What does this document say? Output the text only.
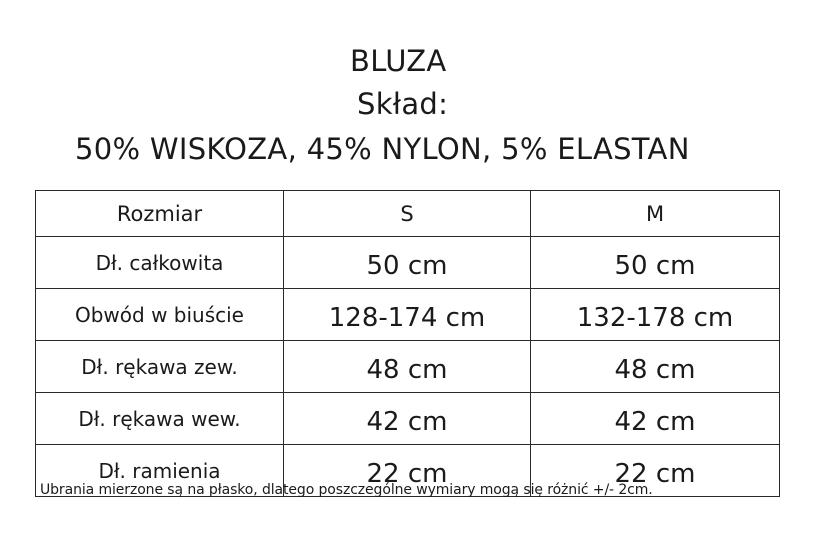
BLUZA
Skład:
50% WISKOZA, 45% NYLON, 5% ELASTAN
Rozmiar	S	M
Dł. całkowita	50 cm	50 cm
Obwód w biuście	128-174 cm	132-178 cm
Dł. rękawa zew.	48 cm	48 cm
Dł. rękawa wew.	42 cm	42 cm
Dł. ramienia	22 cm	22 cm
Ubrania mierzone są na płasko, dlatego poszczególne wymiary mogą się różnić +/- 2cm.
